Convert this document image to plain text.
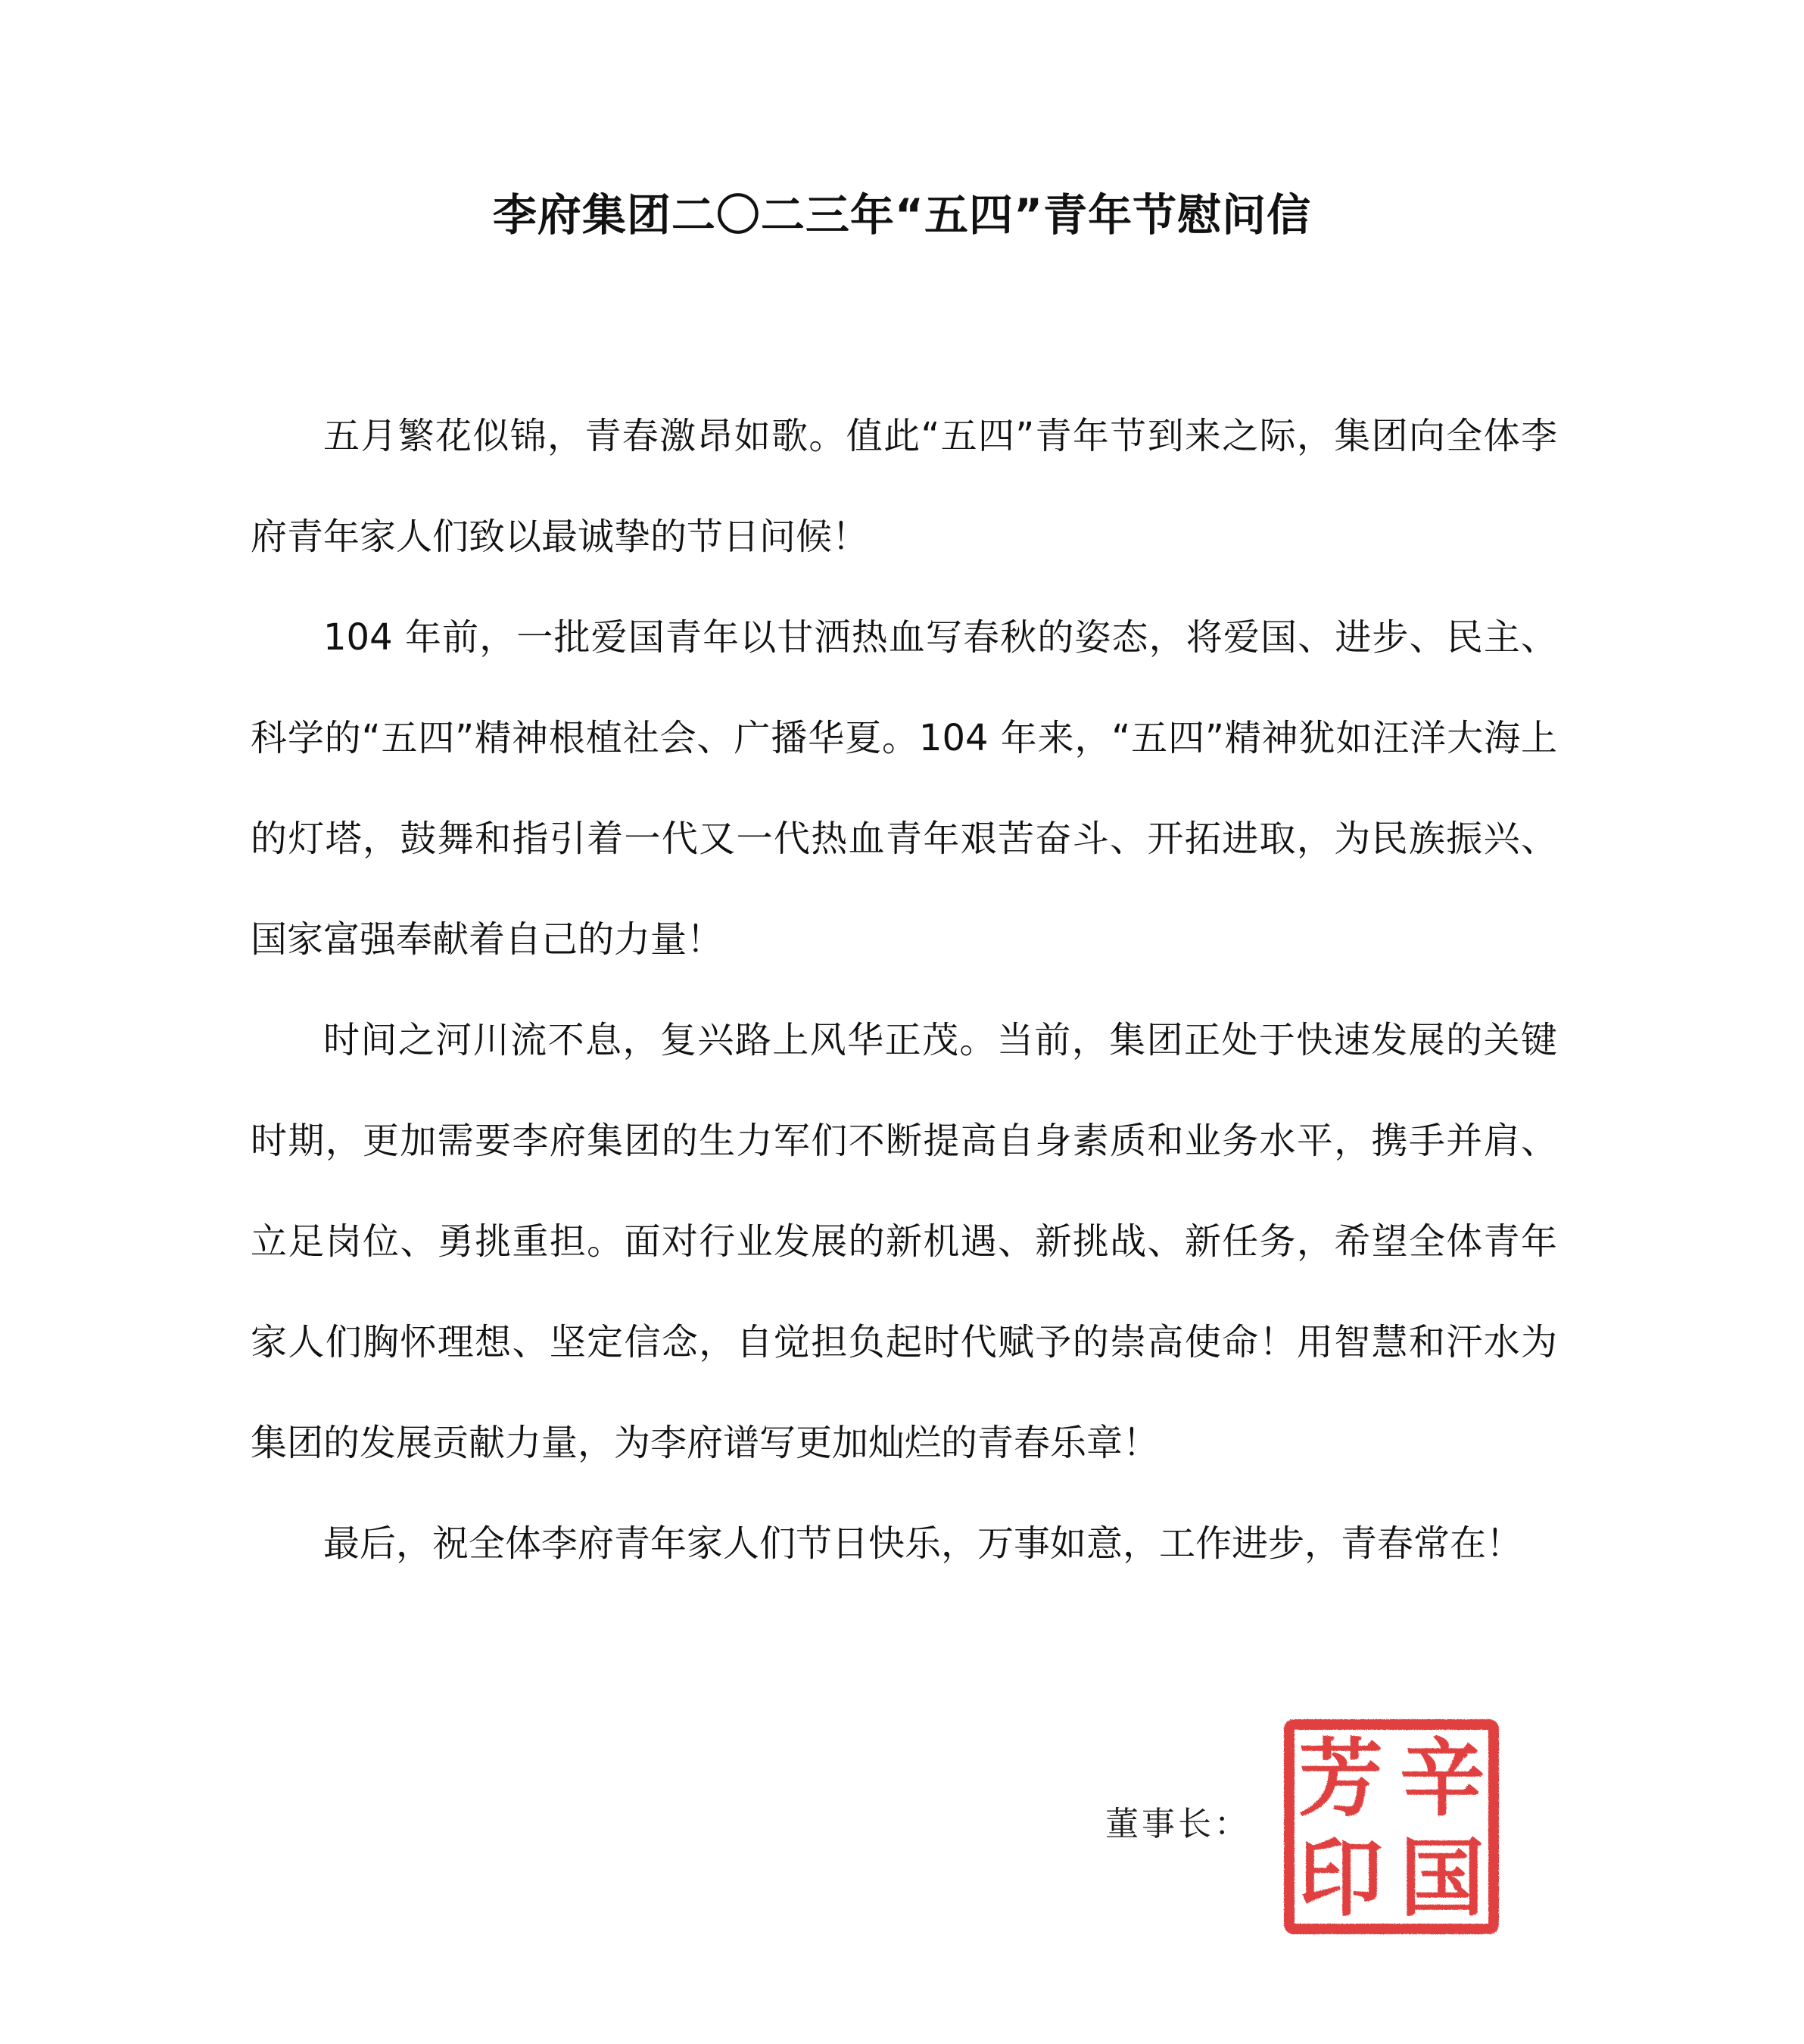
李府集团二〇二三年“五四”青年节慰问信

五月繁花似锦，青春激昂如歌。值此“五四”青年节到来之际，集团向全体李府青年家人们致以最诚挚的节日问候！

104 年前，一批爱国青年以甘洒热血写春秋的姿态，将爱国、进步、民主、科学的“五四”精神根植社会、广播华夏。104 年来，“五四”精神犹如汪洋大海上的灯塔，鼓舞和指引着一代又一代热血青年艰苦奋斗、开拓进取，为民族振兴、国家富强奉献着自己的力量！

时间之河川流不息，复兴路上风华正茂。当前，集团正处于快速发展的关键时期，更加需要李府集团的生力军们不断提高自身素质和业务水平，携手并肩、立足岗位、勇挑重担。面对行业发展的新机遇、新挑战、新任务，希望全体青年家人们胸怀理想、坚定信念，自觉担负起时代赋予的崇高使命！用智慧和汗水为集团的发展贡献力量，为李府谱写更加灿烂的青春乐章！

最后，祝全体李府青年家人们节日快乐，万事如意，工作进步，青春常在！

董事长： 辛
芳
国
印
